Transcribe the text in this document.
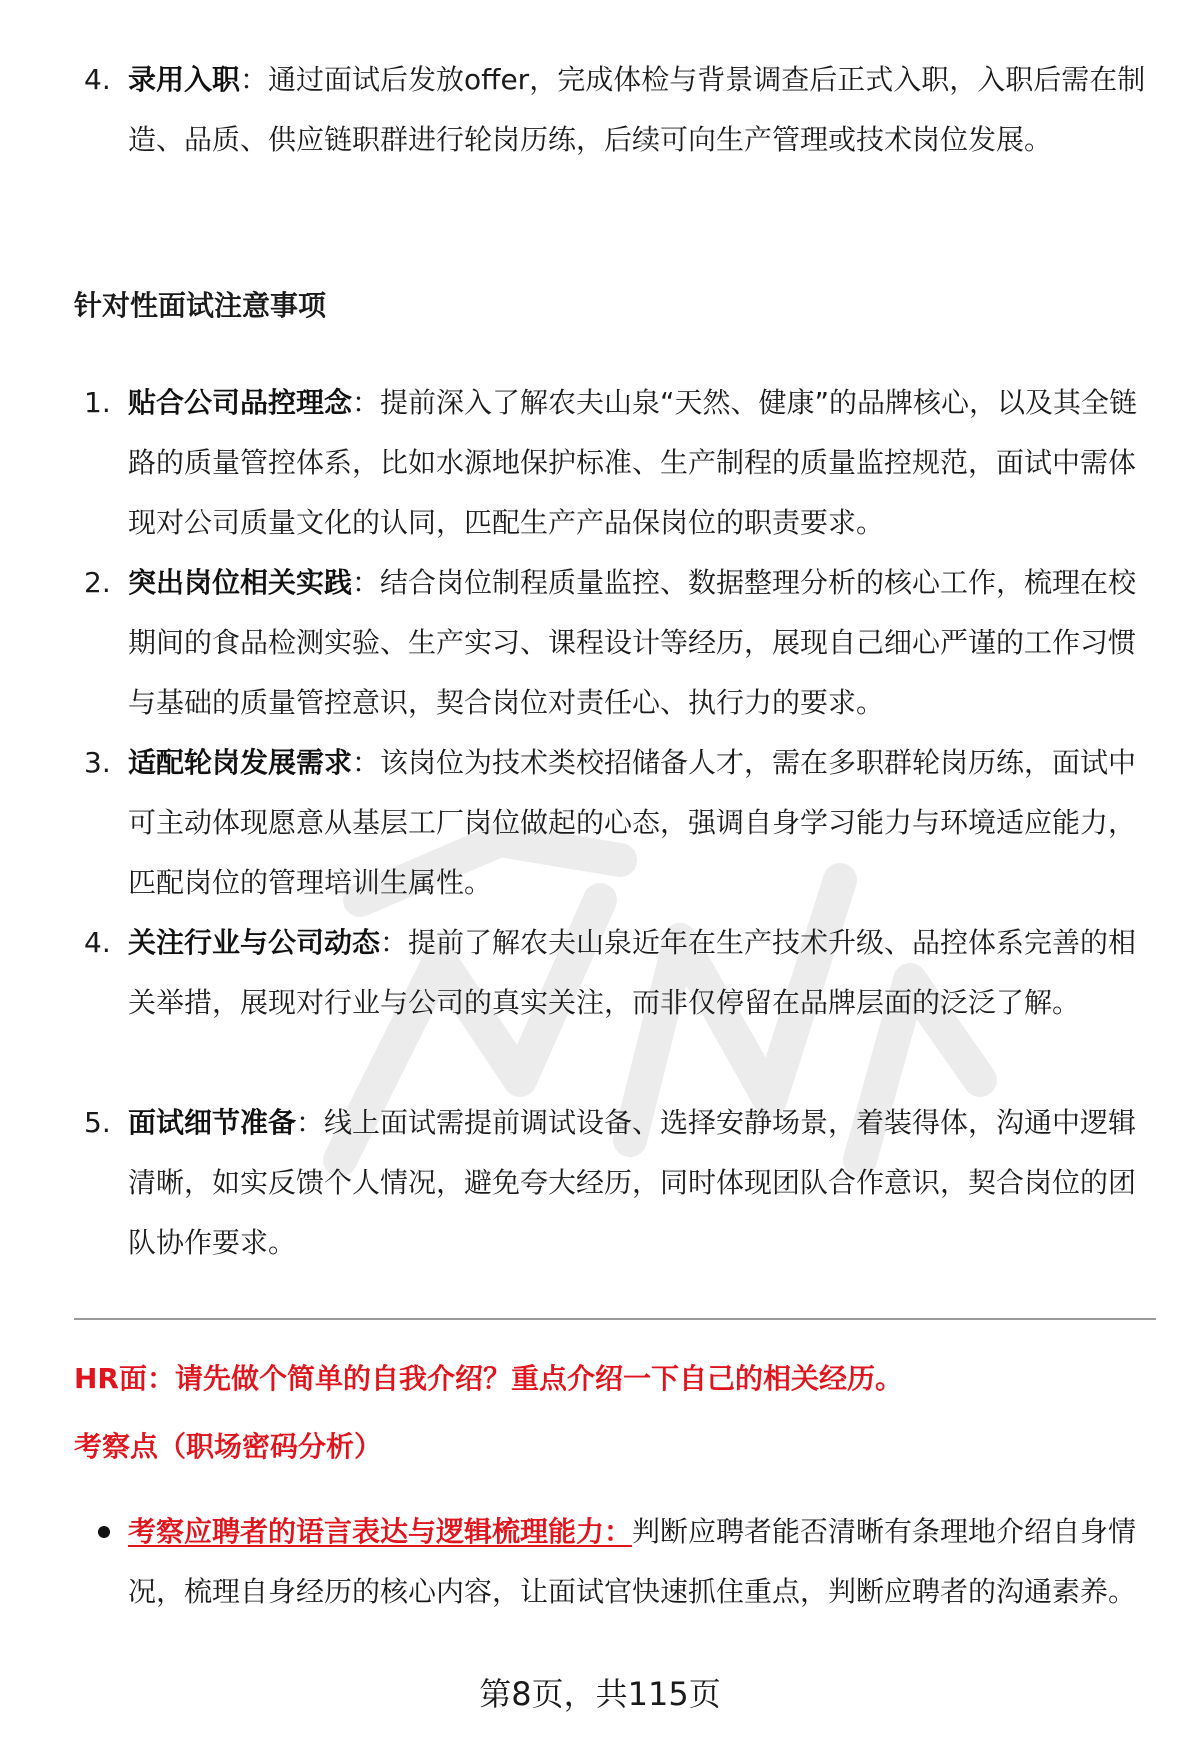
4. 录用入职：通过面试后发放offer，完成体检与背景调查后正式入职，入职后需在制造、品质、供应链职群进行轮岗历练，后续可向生产管理或技术岗位发展。

针对性面试注意事项
1. 贴合公司品控理念：提前深入了解农夫山泉“天然、健康”的品牌核心，以及其全链路的质量管控体系，比如水源地保护标准、生产制程的质量监控规范，面试中需体现对公司质量文化的认同，匹配生产产品保岗位的职责要求。

2. 突出岗位相关实践：结合岗位制程质量监控、数据整理分析的核心工作，梳理在校期间的食品检测实验、生产实习、课程设计等经历，展现自己细心严谨的工作习惯与基础的质量管控意识，契合岗位对责任心、执行力的要求。

3. 适配轮岗发展需求：该岗位为技术类校招储备人才，需在多职群轮岗历练，面试中可主动体现愿意从基层工厂岗位做起的心态，强调自身学习能力与环境适应能力，匹配岗位的管理培训生属性。

4. 关注行业与公司动态：提前了解农夫山泉近年在生产技术升级、品控体系完善的相关举措，展现对行业与公司的真实关注，而非仅停留在品牌层面的泛泛了解。

5. 面试细节准备：线上面试需提前调试设备、选择安静场景，着装得体，沟通中逻辑清晰，如实反馈个人情况，避免夸大经历，同时体现团队合作意识，契合岗位的团队协作要求。

HR面：请先做个简单的自我介绍？重点介绍一下自己的相关经历。
考察点（职场密码分析）

考察应聘者的语言表达与逻辑梳理能力：判断应聘者能否清晰有条理地介绍自身情况，梳理自身经历的核心内容，让面试官快速抓住重点，判断应聘者的沟通素养。

第8页，共115页
